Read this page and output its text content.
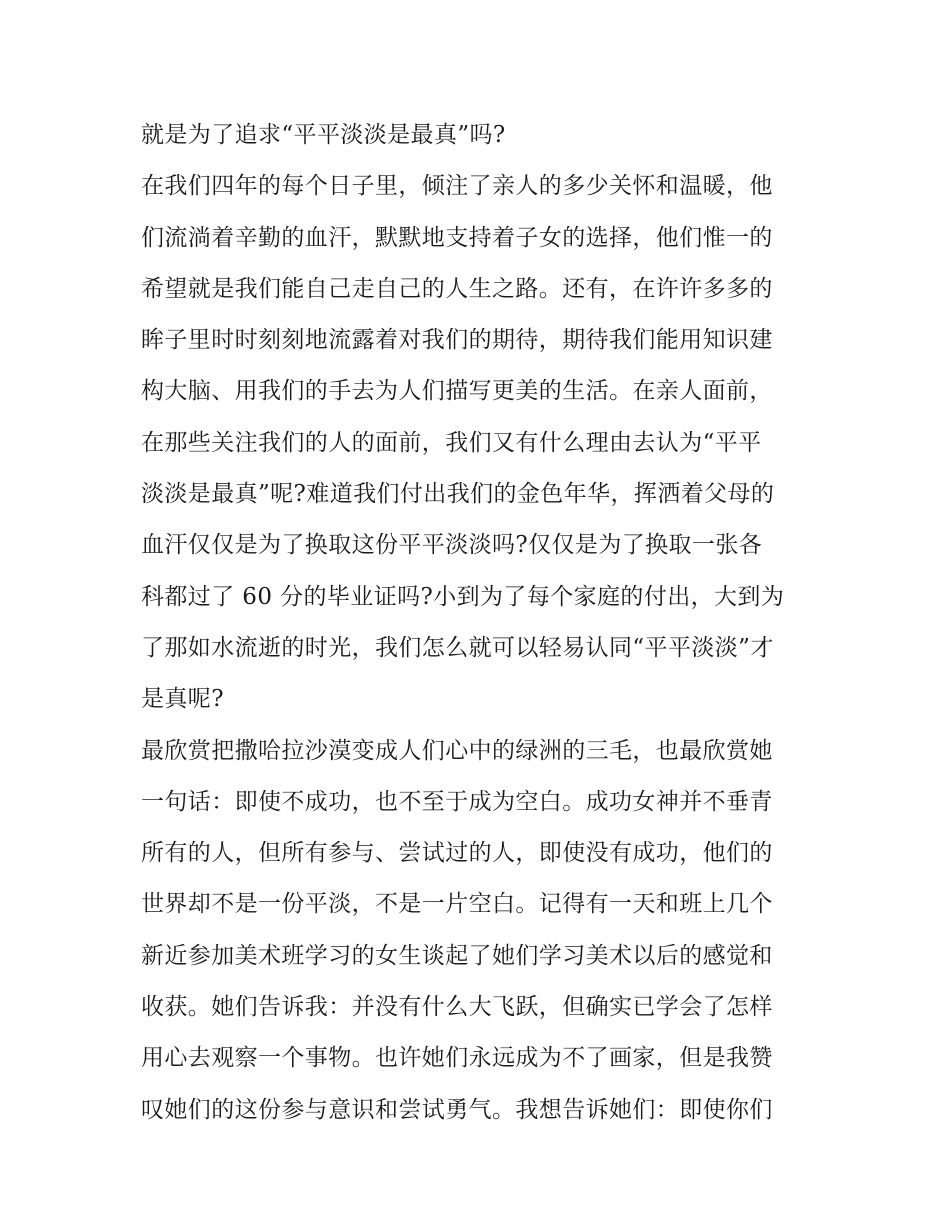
就是为了追求“平平淡淡是最真”吗?
在我们四年的每个日子里，倾注了亲人的多少关怀和温暖，他
们流淌着辛勤的血汗，默默地支持着子女的选择，他们惟一的
希望就是我们能自己走自己的人生之路。还有，在许许多多的
眸子里时时刻刻地流露着对我们的期待，期待我们能用知识建
构大脑、用我们的手去为人们描写更美的生活。在亲人面前，
在那些关注我们的人的面前，我们又有什么理由去认为“平平
淡淡是最真”呢?难道我们付出我们的金色年华，挥洒着父母的
血汗仅仅是为了换取这份平平淡淡吗?仅仅是为了换取一张各
科都过了 60 分的毕业证吗?小到为了每个家庭的付出，大到为
了那如水流逝的时光，我们怎么就可以轻易认同“平平淡淡”才
是真呢?
最欣赏把撒哈拉沙漠变成人们心中的绿洲的三毛，也最欣赏她
一句话：即使不成功，也不至于成为空白。成功女神并不垂青
所有的人，但所有参与、尝试过的人，即使没有成功，他们的
世界却不是一份平淡，不是一片空白。记得有一天和班上几个
新近参加美术班学习的女生谈起了她们学习美术以后的感觉和
收获。她们告诉我：并没有什么大飞跃，但确实已学会了怎样
用心去观察一个事物。也许她们永远成为不了画家，但是我赞
叹她们的这份参与意识和尝试勇气。我想告诉她们：即使你们
